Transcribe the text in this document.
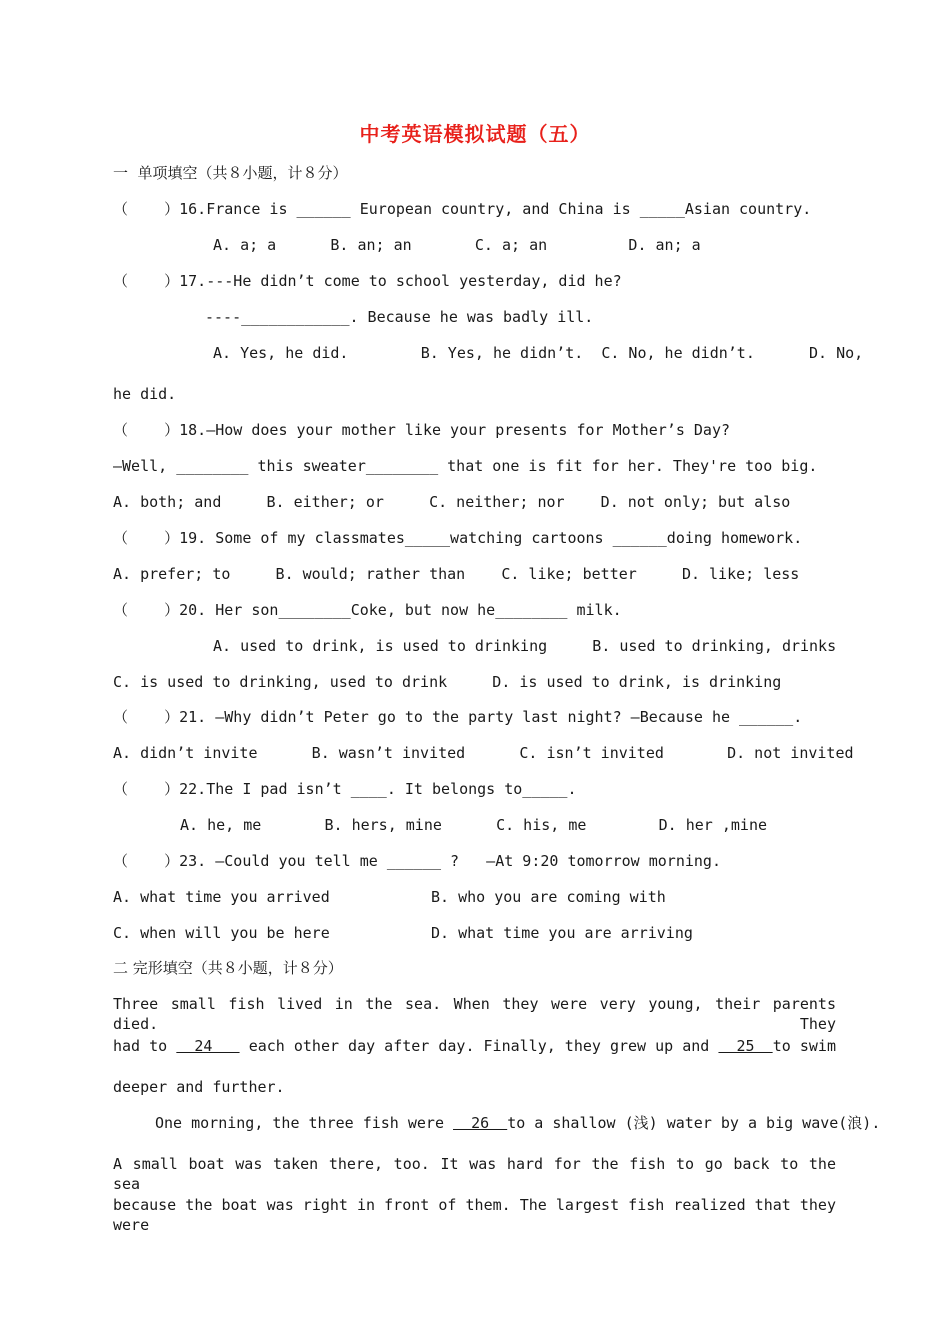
中考英语模拟试题（五）
一  单项填空（共８小题，计８分）
（    ）16.France is ______ European country, and China is _____Asian country.
A. a; a      B. an; an       C. a; an         D. an; a
（    ）17.---He didn’t come to school yesterday, did he?
----____________. Because he was badly ill.
A. Yes, he did.        B. Yes, he didn’t.  C. No, he didn’t.      D. No,
he did.
（    ）18.—How does your mother like your presents for Mother’s Day?
—Well, ________ this sweater________ that one is fit for her. They're too big.
A. both; and     B. either; or     C. neither; nor    D. not only; but also
（    ）19. Some of my classmates_____watching cartoons ______doing homework.
A. prefer; to     B. would; rather than    C. like; better     D. like; less
（    ）20. Her son________Coke, but now he________ milk.
A. used to drink, is used to drinking     B. used to drinking, drinks
C. is used to drinking, used to drink     D. is used to drink, is drinking
（    ）21. –Why didn’t Peter go to the party last night? –Because he ______.
A. didn’t invite      B. wasn’t invited      C. isn’t invited       D. not invited
（    ）22.The I pad isn’t ____. It belongs to_____.
A. he, me       B. hers, mine      C. his, me        D. her ,mine
（    ）23. —Could you tell me ______ ?   —At 9:20 tomorrow morning.
A. what time you arrived	B. who you are coming with
C. when will you be here	D. what time you are arriving
二 完形填空（共８小题，计８分）
Three small fish lived in the sea. When they were very young, their parents died. They
had to 24 each other day after day. Finally, they grew up and 25 to swim
deeper and further.
One morning, the three fish were 26 to a shallow (浅) water by a big wave(浪).
A small boat was taken there, too. It was hard for the fish to go back to the sea
because the boat was right in front of them. The largest fish realized that they were
